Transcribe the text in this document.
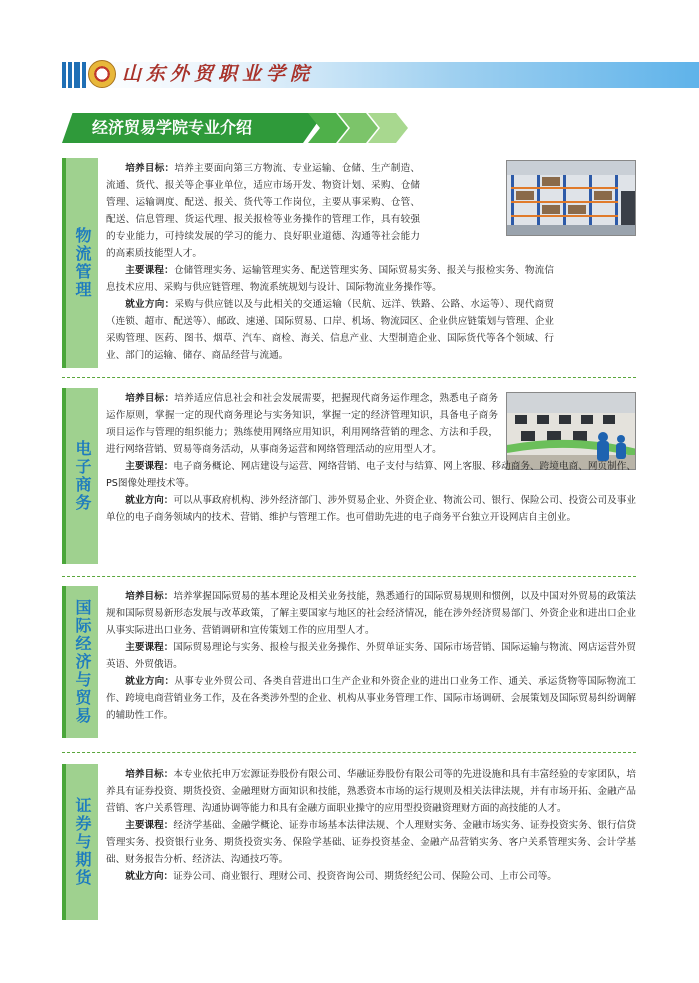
山东外贸职业学院
经济贸易学院专业介绍
物流管理

培养目标：培养主要面向第三方物流、专业运输、仓储、生产制造、流通、货代、报关等企事业单位，适应市场开发、物资计划、采购、仓储管理、运输调度、配送、报关、货代等工作岗位，主要从事采购、仓管、配送、信息管理、货运代理、报关报检等业务操作的管理工作，具有较强的专业能力，可持续发展的学习的能力、良好职业道德、沟通等社会能力的高素质技能型人才。

主要课程：仓储管理实务、运输管理实务、配送管理实务、国际贸易实务、报关与报检实务、物流信息技术应用、采购与供应链管理、物流系统规划与设计、国际物流业务操作等。

就业方向：采购与供应链以及与此相关的交通运输（民航、远洋、铁路、公路、水运等）、现代商贸（连锁、超市、配送等）、邮政、速递、国际贸易、口岸、机场、物流园区、企业供应链策划与管理、企业采购管理、医药、图书、烟草、汽车、商检、海关、信息产业、大型制造企业、国际货代等各个领域、行业、部门的运输、储存、商品经营与流通。

电子商务

培养目标：培养适应信息社会和社会发展需要，把握现代商务运作理念，熟悉电子商务运作原则，掌握一定的现代商务理论与实务知识，掌握一定的经济管理知识，具备电子商务项目运作与管理的组织能力；熟练使用网络应用知识，利用网络营销的理念、方法和手段，进行网络营销、贸易等商务活动，从事商务运营和网络管理活动的应用型人才。

主要课程：电子商务概论、网店建设与运营、网络营销、电子支付与结算、网上客服、移动商务、跨境电商、网页制作、PS图像处理技术等。

就业方向：可以从事政府机构、涉外经济部门、涉外贸易企业、外资企业、物流公司、银行、保险公司、投资公司及事业单位的电子商务领域内的技术、营销、维护与管理工作。也可借助先进的电子商务平台独立开设网店自主创业。

国际经济与贸易

培养目标：培养掌握国际贸易的基本理论及相关业务技能，熟悉通行的国际贸易规则和惯例，以及中国对外贸易的政策法规和国际贸易新形态发展与改革政策，了解主要国家与地区的社会经济情况，能在涉外经济贸易部门、外资企业和进出口企业从事实际进出口业务、营销调研和宣传策划工作的应用型人才。

主要课程：国际贸易理论与实务、报检与报关业务操作、外贸单证实务、国际市场营销、国际运输与物流、网店运营外贸英语、外贸俄语。

就业方向：从事专业外贸公司、各类自营进出口生产企业和外资企业的进出口业务工作、通关、承运货物等国际物流工作、跨境电商营销业务工作，及在各类涉外型的企业、机构从事业务管理工作、国际市场调研、会展策划及国际贸易纠纷调解的辅助性工作。

证券与期货

培养目标：本专业依托申万宏源证券股份有限公司、华融证券股份有限公司等的先进设施和具有丰富经验的专家团队，培养具有证券投资、期货投资、金融理财方面知识和技能，熟悉资本市场的运行规则及相关法律法规，并有市场开拓、金融产品营销、客户关系管理、沟通协调等能力和具有金融方面职业操守的应用型投资融资理财方面的高技能的人才。

主要课程：经济学基础、金融学概论、证券市场基本法律法规、个人理财实务、金融市场实务、证券投资实务、银行信贷管理实务、投资银行业务、期货投资实务、保险学基础、证券投资基金、金融产品营销实务、客户关系管理实务、会计学基础、财务报告分析、经济法、沟通技巧等。

就业方向：证券公司、商业银行、理财公司、投资咨询公司、期货经纪公司、保险公司、上市公司等。
